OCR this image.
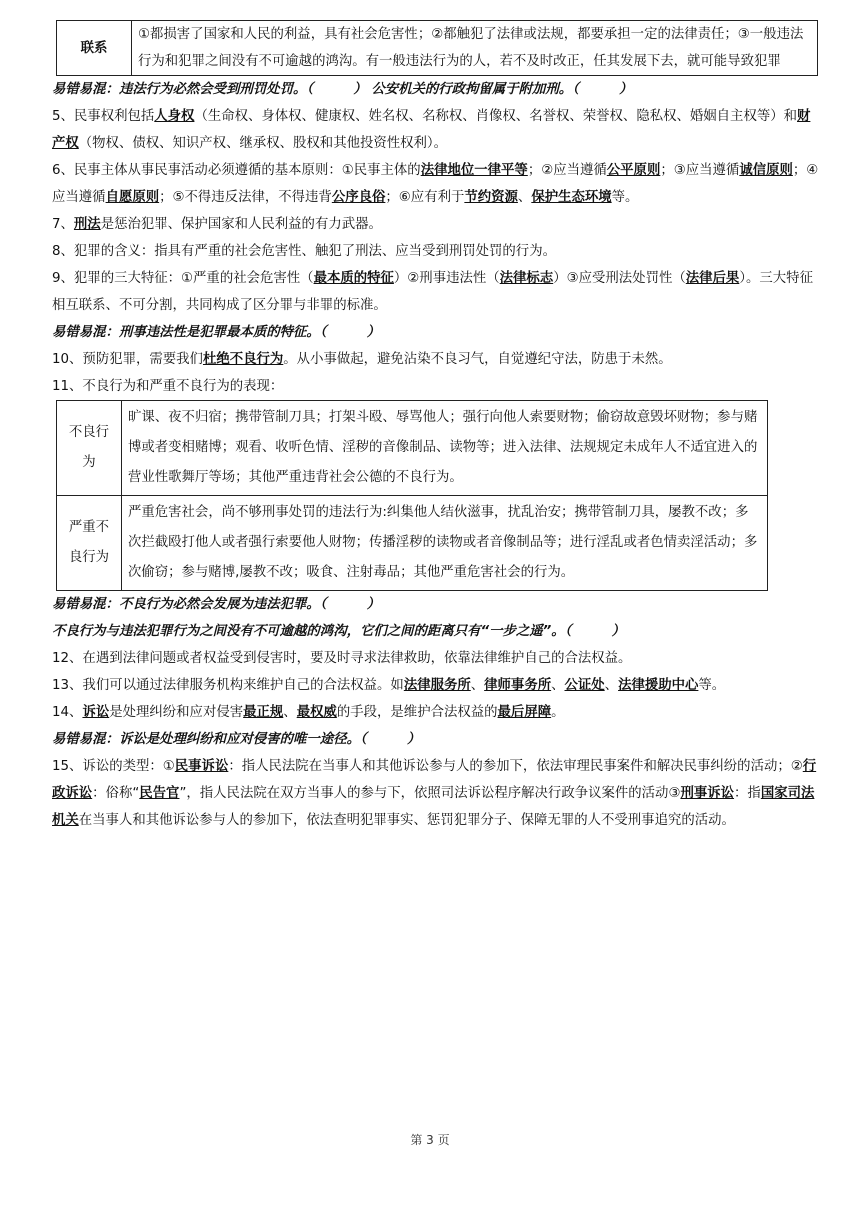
联系	①都损害了国家和人民的利益，具有社会危害性；②都触犯了法律或法规，都要承担一定的法律责任；③一般违法行为和犯罪之间没有不可逾越的鸿沟。有一般违法行为的人，若不及时改正，任其发展下去，就可能导致犯罪

易错易混：违法行为必然会受到刑罚处罚。（　　　） 公安机关的行政拘留属于附加刑。（　　　）

5、民事权利包括人身权（生命权、身体权、健康权、姓名权、名称权、肖像权、名誉权、荣誉权、隐私权、婚姻自主权等）和财产权（物权、债权、知识产权、继承权、股权和其他投资性权利）。

6、民事主体从事民事活动必须遵循的基本原则：①民事主体的法律地位一律平等；②应当遵循公平原则；③应当遵循诚信原则；④应当遵循自愿原则；⑤不得违反法律，不得违背公序良俗；⑥应有利于节约资源、保护生态环境等。

7、刑法是惩治犯罪、保护国家和人民利益的有力武器。

8、犯罪的含义：指具有严重的社会危害性、触犯了刑法、应当受到刑罚处罚的行为。

9、犯罪的三大特征：①严重的社会危害性（最本质的特征）②刑事违法性（法律标志）③应受刑法处罚性（法律后果）。三大特征相互联系、不可分割，共同构成了区分罪与非罪的标准。

易错易混：刑事违法性是犯罪最本质的特征。（　　　）

10、预防犯罪，需要我们杜绝不良行为。从小事做起，避免沾染不良习气，自觉遵纪守法，防患于未然。

11、不良行为和严重不良行为的表现：

不良行为	旷课、夜不归宿；携带管制刀具；打架斗殴、辱骂他人；强行向他人索要财物；偷窃故意毁坏财物；参与赌博或者变相赌博；观看、收听色情、淫秽的音像制品、读物等；进入法律、法规规定未成年人不适宜进入的营业性歌舞厅等场；其他严重违背社会公德的不良行为。
严重不良行为	严重危害社会，尚不够刑事处罚的违法行为:纠集他人结伙滋事，扰乱治安；携带管制刀具，屡教不改；多次拦截殴打他人或者强行索要他人财物；传播淫秽的读物或者音像制品等；进行淫乱或者色情卖淫活动；多次偷窃；参与赌博,屡教不改；吸食、注射毒品；其他严重危害社会的行为。

易错易混：不良行为必然会发展为违法犯罪。（　　　）

不良行为与违法犯罪行为之间没有不可逾越的鸿沟，它们之间的距离只有“一步之遥”。（　　　）

12、在遇到法律问题或者权益受到侵害时，要及时寻求法律救助，依靠法律维护自己的合法权益。

13、我们可以通过法律服务机构来维护自己的合法权益。如法律服务所、律师事务所、公证处、法律援助中心等。

14、诉讼是处理纠纷和应对侵害最正规、最权威的手段，是维护合法权益的最后屏障。

易错易混：诉讼是处理纠纷和应对侵害的唯一途径。（　　　）

15、诉讼的类型：①民事诉讼：指人民法院在当事人和其他诉讼参与人的参加下，依法审理民事案件和解决民事纠纷的活动；②行政诉讼：俗称“民告官”，指人民法院在双方当事人的参与下，依照司法诉讼程序解决行政争议案件的活动③刑事诉讼：指国家司法机关在当事人和其他诉讼参与人的参加下，依法查明犯罪事实、惩罚犯罪分子、保障无罪的人不受刑事追究的活动。

第 3 页
